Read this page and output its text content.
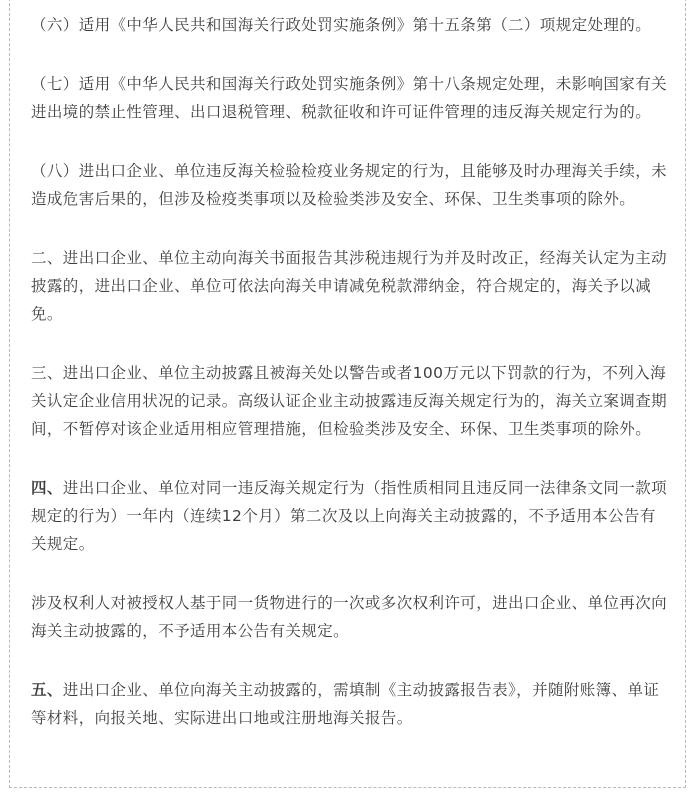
（六）适用《中华人民共和国海关行政处罚实施条例》第十五条第（二）项规定处理的。

（七）适用《中华人民共和国海关行政处罚实施条例》第十八条规定处理，未影响国家有关进出境的禁止性管理、出口退税管理、税款征收和许可证件管理的违反海关规定行为的。

（八）进出口企业、单位违反海关检验检疫业务规定的行为，且能够及时办理海关手续，未造成危害后果的，但涉及检疫类事项以及检验类涉及安全、环保、卫生类事项的除外。

二、进出口企业、单位主动向海关书面报告其涉税违规行为并及时改正，经海关认定为主动披露的，进出口企业、单位可依法向海关申请减免税款滞纳金，符合规定的，海关予以减免。

三、进出口企业、单位主动披露且被海关处以警告或者100万元以下罚款的行为，不列入海关认定企业信用状况的记录。高级认证企业主动披露违反海关规定行为的，海关立案调查期间，不暂停对该企业适用相应管理措施，但检验类涉及安全、环保、卫生类事项的除外。

四、进出口企业、单位对同一违反海关规定行为（指性质相同且违反同一法律条文同一款项规定的行为）一年内（连续12个月）第二次及以上向海关主动披露的，不予适用本公告有关规定。

涉及权利人对被授权人基于同一货物进行的一次或多次权利许可，进出口企业、单位再次向海关主动披露的，不予适用本公告有关规定。

五、进出口企业、单位向海关主动披露的，需填制《主动披露报告表》，并随附账簿、单证等材料，向报关地、实际进出口地或注册地海关报告。
